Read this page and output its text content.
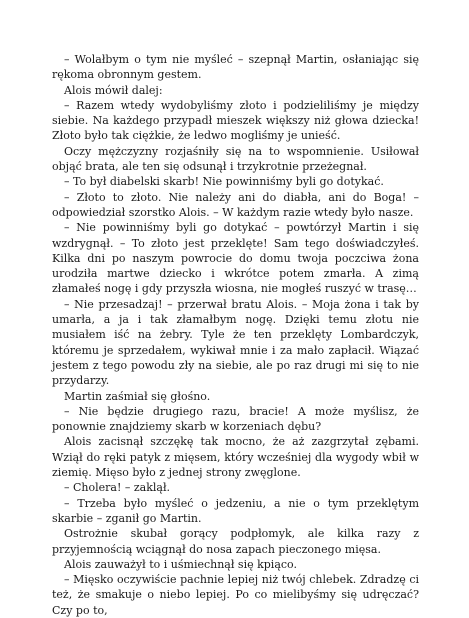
– Wolałbym o tym nie myśleć – szepnął Martin, osłaniając się rękoma obronnym gestem.

Alois mówił dalej:

– Razem wtedy wydobyliśmy złoto i podzieliliśmy je między siebie. Na każdego przypadł mieszek większy niż głowa dziecka! Złoto było tak ciężkie, że ledwo mogliśmy je unieść.

Oczy mężczyzny rozjaśniły się na to wspomnienie. Usiłował objąć brata, ale ten się odsunął i trzykrotnie przeżegnał.

– To był diabelski skarb! Nie powinniśmy byli go dotykać.

– Złoto to złoto. Nie należy ani do diabła, ani do Boga! – odpowiedział szorstko Alois. – W każdym razie wtedy było nasze.

– Nie powinniśmy byli go dotykać – powtórzył Martin i się wzdrygnął. – To złoto jest przeklęte! Sam tego doświadczyłeś. Kilka dni po naszym powrocie do domu twoja poczciwa żona urodziła martwe dziecko i wkrótce potem zmarła. A zimą złamałeś nogę i gdy przyszła wiosna, nie mogłeś ruszyć w trasę…

– Nie przesadzaj! – przerwał bratu Alois. – Moja żona i tak by umarła, a ja i tak złamałbym nogę. Dzięki temu złotu nie musiałem iść na żebry. Tyle że ten przeklęty Lombardczyk, któremu je sprzedałem, wykiwał mnie i za mało zapłacił. Wiązać jestem z tego powodu zły na siebie, ale po raz drugi mi się to nie przydarzy.

Martin zaśmiał się głośno.

– Nie będzie drugiego razu, bracie! A może myślisz, że ponownie znajdziemy skarb w korzeniach dębu?

Alois zacisnął szczękę tak mocno, że aż zazgrzytał zębami. Wziął do ręki patyk z mięsem, który wcześniej dla wygody wbił w ziemię. Mięso było z jednej strony zwęglone.

– Cholera! – zaklął.

– Trzeba było myśleć o jedzeniu, a nie o tym przeklętym skarbie – zganił go Martin.

Ostrożnie skubał gorący podpłomyk, ale kilka razy z przyjemnością wciągnął do nosa zapach pieczonego mięsa.

Alois zauważył to i uśmiechnął się kpiąco.

– Mięsko oczywiście pachnie lepiej niż twój chlebek. Zdradzę ci też, że smakuje o niebo lepiej. Po co mielibyśmy się udręczać? Czy po to,
